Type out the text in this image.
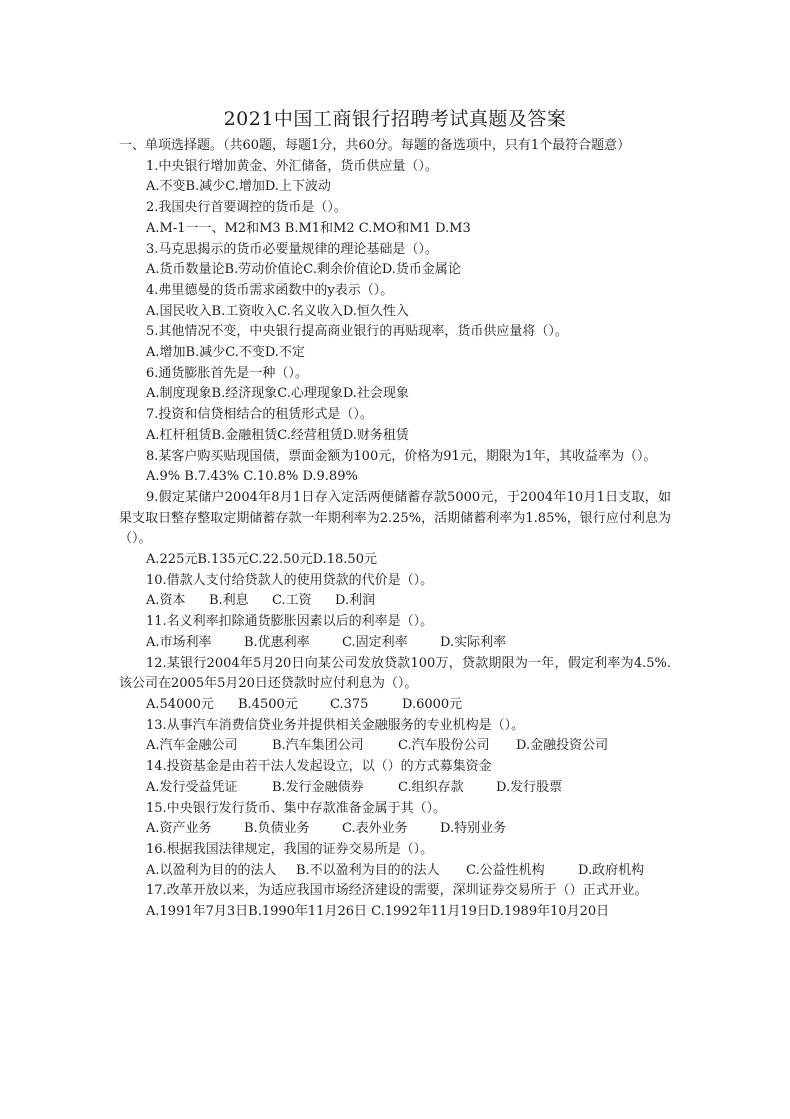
2021中国工商银行招聘考试真题及答案
一、单项选择题。（共60题，每题1分，共60分。每题的备选项中，只有1个最符合题意）
1.中央银行增加黄金、外汇储备，货币供应量（）。
A.不变B.减少C.增加D.上下波动
2.我国央行首要调控的货币是（）。
A.M-1一一、M2和M3 B.M1和M2 C.MO和M1 D.M3
3.马克思揭示的货币必要量规律的理论基础是（）。
A.货币数量论B.劳动价值论C.剩余价值论D.货币金属论
4.弗里德曼的货币需求函数中的y表示（）。
A.国民收入B.工资收入C.名义收入D.恒久性入
5.其他情况不变，中央银行提高商业银行的再贴现率，货币供应量将（）。
A.增加B.减少C.不变D.不定
6.通货膨胀首先是一种（）。
A.制度现象B.经济现象C.心理现象D.社会现象
7.投资和信贷相结合的租赁形式是（）。
A.杠杆租赁B.金融租赁C.经营租赁D.财务租赁
8.某客户购买贴现国债，票面金额为100元，价格为91元，期限为1年，其收益率为（）。
A.9% B.7.43% C.10.8% D.9.89%
9.假定某储户2004年8月1日存入定活两便储蓄存款5000元，于2004年10月1日支取，如果支取日整存整取定期储蓄存款一年期利率为2.25%，活期储蓄利率为1.85%，银行应付利息为（）。
A.225元B.135元C.22.50元D.18.50元
10.借款人支付给贷款人的使用贷款的代价是（）。
A.资本 B.利息 C.工资 D.利润
11.名义利率扣除通货膨胀因素以后的利率是（）。
A.市场利率 B.优惠利率 C.固定利率 D.实际利率
12.某银行2004年5月20日向某公司发放贷款100万，贷款期限为一年，假定利率为4.5%.该公司在2005年5月20日还贷款时应付利息为（）。
A.54000元 B.4500元 C.375	D.6000元
13.从事汽车消费信贷业务并提供相关金融服务的专业机构是（）。
A.汽车金融公司	B.汽车集团公司	C.汽车股份公司 D.金融投资公司
14.投资基金是由若干法人发起设立，以（）的方式募集资金
A.发行受益凭证	B.发行金融债券	C.组织存款 D.发行股票
15.中央银行发行货币、集中存款准备金属于其（）。
A.资产业务 B.负债业务 C.表外业务 D.特别业务
16.根据我国法律规定，我国的证券交易所是（）。
A.以盈利为目的的法人 B.不以盈利为目的的法人 C.公益性机构	D.政府机构
17.改革开放以来，为适应我国市场经济建设的需要，深圳证券交易所于（）正式开业。
A.1991年7月3日B.1990年11月26日 C.1992年11月19日D.1989年10月20日
